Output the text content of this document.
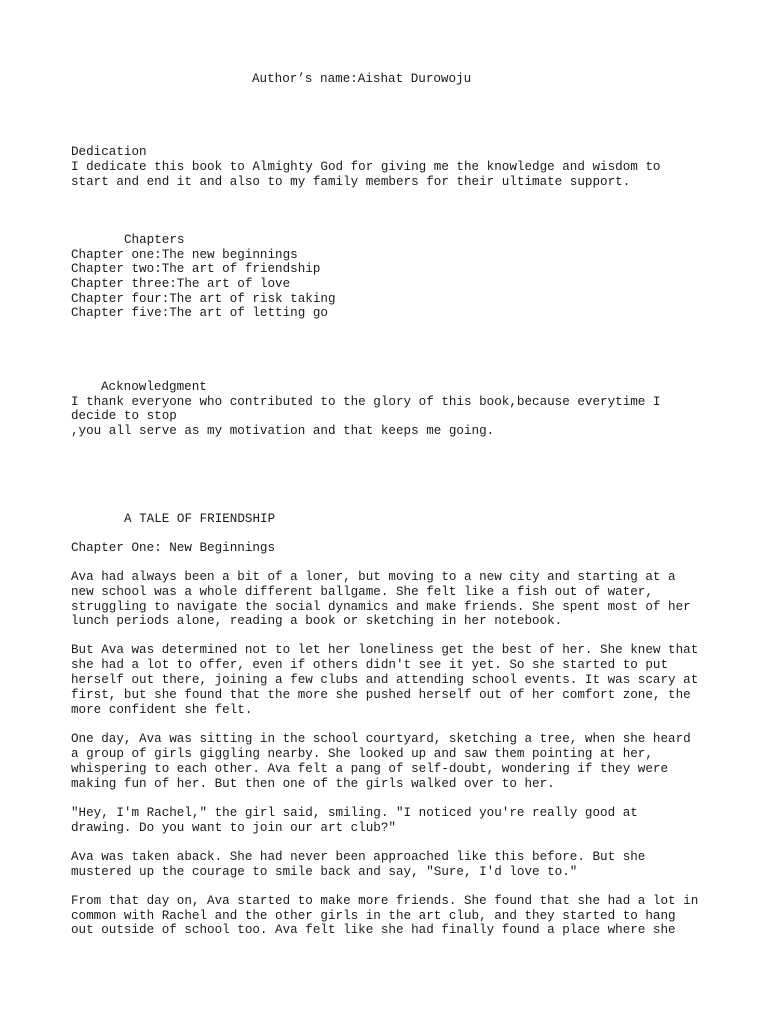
Author’s name:Aishat Durowoju
Dedication
I dedicate this book to Almighty God for giving me the knowledge and wisdom to
start and end it and also to my family members for their ultimate support.
Chapters
Chapter one:The new beginnings
Chapter two:The art of friendship
Chapter three:The art of love
Chapter four:The art of risk taking
Chapter five:The art of letting go
Acknowledgment
I thank everyone who contributed to the glory of this book,because everytime I
decide to stop
,you all serve as my motivation and that keeps me going.
A TALE OF FRIENDSHIP
Chapter One: New Beginnings
Ava had always been a bit of a loner, but moving to a new city and starting at a
new school was a whole different ballgame. She felt like a fish out of water,
struggling to navigate the social dynamics and make friends. She spent most of her
lunch periods alone, reading a book or sketching in her notebook.
But Ava was determined not to let her loneliness get the best of her. She knew that
she had a lot to offer, even if others didn't see it yet. So she started to put
herself out there, joining a few clubs and attending school events. It was scary at
first, but she found that the more she pushed herself out of her comfort zone, the
more confident she felt.
One day, Ava was sitting in the school courtyard, sketching a tree, when she heard
a group of girls giggling nearby. She looked up and saw them pointing at her,
whispering to each other. Ava felt a pang of self-doubt, wondering if they were
making fun of her. But then one of the girls walked over to her.
"Hey, I'm Rachel," the girl said, smiling. "I noticed you're really good at
drawing. Do you want to join our art club?"
Ava was taken aback. She had never been approached like this before. But she
mustered up the courage to smile back and say, "Sure, I'd love to."
From that day on, Ava started to make more friends. She found that she had a lot in
common with Rachel and the other girls in the art club, and they started to hang
out outside of school too. Ava felt like she had finally found a place where she
